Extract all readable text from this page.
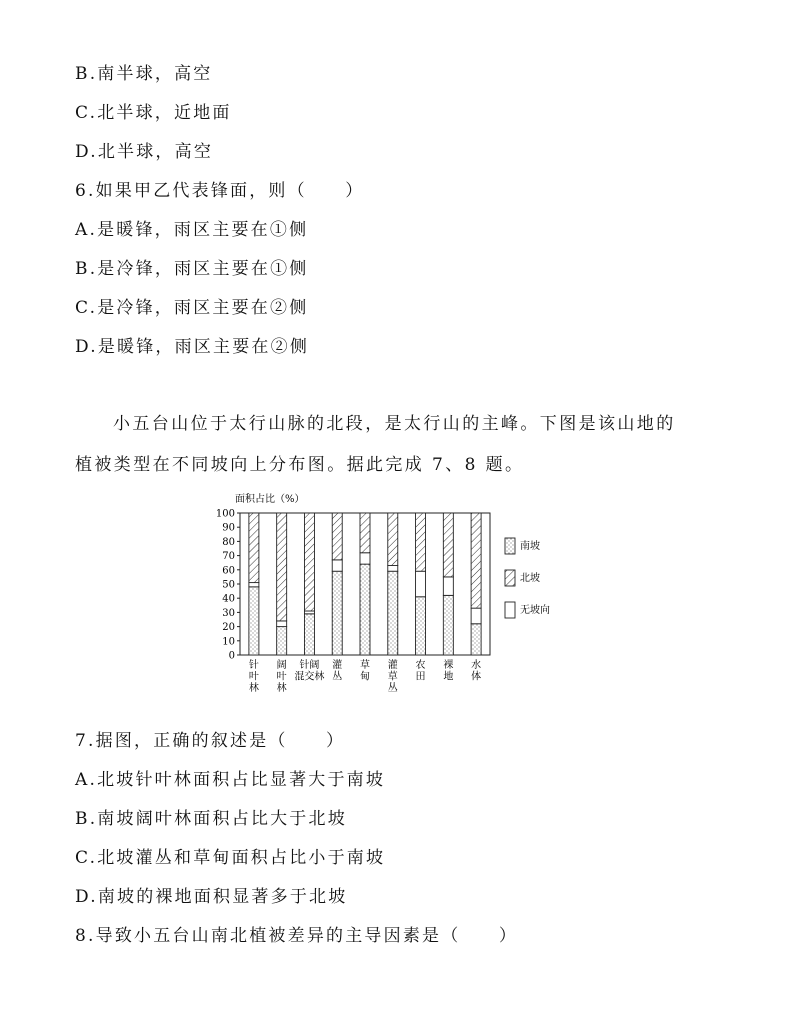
B.南半球，高空
C.北半球，近地面
D.北半球，高空
6.如果甲乙代表锋面，则（　　）
A.是暖锋，雨区主要在①侧
B.是冷锋，雨区主要在①侧
C.是冷锋，雨区主要在②侧
D.是暖锋，雨区主要在②侧
小五台山位于太行山脉的北段，是太行山的主峰。下图是该山地的
植被类型在不同坡向上分布图。据此完成 7、8 题。
面积占比（%）
0
10
20
30
40
50
60
70
80
90
100
针
叶
林
阔
叶
林
针阔
混交林
灌
丛
草
甸
灌
草
丛
农
田
裸
地
水
体
南坡
北坡
无坡向
7.据图，正确的叙述是（　　）
A.北坡针叶林面积占比显著大于南坡
B.南坡阔叶林面积占比大于北坡
C.北坡灌丛和草甸面积占比小于南坡
D.南坡的裸地面积显著多于北坡
8.导致小五台山南北植被差异的主导因素是（　　）
